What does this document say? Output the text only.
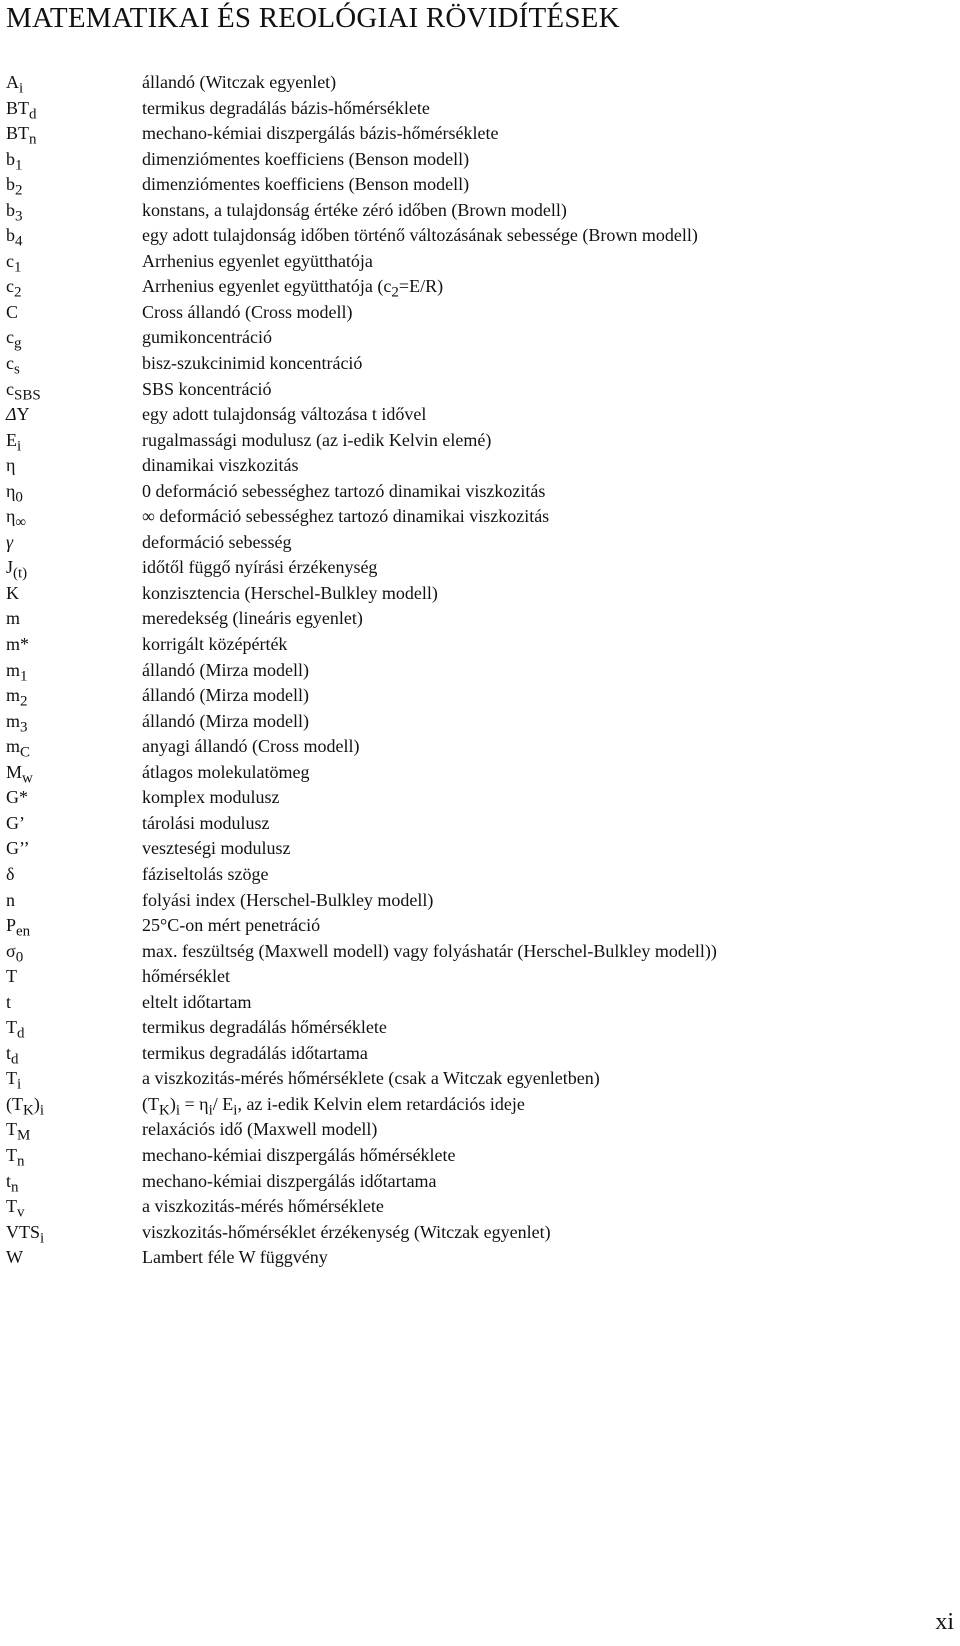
MATEMATIKAI ÉS REOLÓGIAI RÖVIDÍTÉSEK
$A_i$	állandó (Witczak egyenlet)
$BT_d$	termikus degradálás bázis-hőmérséklete
$BT_n$	mechano-kémiai diszpergálás bázis-hőmérséklete
$b_1$	dimenziómentes koefficiens (Benson modell)
$b_2$	dimenziómentes koefficiens (Benson modell)
$b_3$	konstans, a tulajdonság értéke zéró időben (Brown modell)
$b_4$	egy adott tulajdonság időben történő változásának sebessége (Brown modell)
$c_1$	Arrhenius egyenlet együtthatója
$c_2$	Arrhenius egyenlet együtthatója $(c_2=E/R)$
C	Cross állandó (Cross modell)
$c_g$	gumikoncentráció
$c_s$	bisz-szukcinimid koncentráció
$c_{SBS}$	SBS koncentráció
ΔY	egy adott tulajdonság változása t idővel
$E_i$	rugalmassági modulusz (az i-edik Kelvin elemé)
η	dinamikai viszkozitás
$\eta_0$	0 deformáció sebességhez tartozó dinamikai viszkozitás
$\eta_\infty$	∞ deformáció sebességhez tartozó dinamikai viszkozitás
γ	deformáció sebesség
$J_{(t)}$	időtől függő nyírási érzékenység
K	konzisztencia (Herschel-Bulkley modell)
m	meredekség (lineáris egyenlet)
m*	korrigált középérték
$m_1$	állandó (Mirza modell)
$m_2$	állandó (Mirza modell)
$m_3$	állandó (Mirza modell)
$m_C$	anyagi állandó (Cross modell)
$M_w$	átlagos molekulatömeg
G*	komplex modulusz
G’	tárolási modulusz
G’’	veszteségi modulusz
δ	fáziseltolás szöge
n	folyási index (Herschel-Bulkley modell)
$P_{en}$	25°C-on mért penetráció
$\sigma_0$	max. feszültség (Maxwell modell) vagy folyáshatár (Herschel-Bulkley modell))
T	hőmérséklet
t	eltelt időtartam
$T_d$	termikus degradálás hőmérséklete
$t_d$	termikus degradálás időtartama
$T_i$	a viszkozitás-mérés hőmérséklete (csak a Witczak egyenletben)
$(T_K)_i$	$(T_K)_i = \eta_i/$ $E_i$, az i-edik Kelvin elem retardációs ideje
$T_M$	relaxációs idő (Maxwell modell)
$T_n$	mechano-kémiai diszpergálás hőmérséklete
$t_n$	mechano-kémiai diszpergálás időtartama
$T_v$	a viszkozitás-mérés hőmérséklete
$VTS_i$	viszkozitás-hőmérséklet érzékenység (Witczak egyenlet)
W	Lambert féle W függvény
xi
